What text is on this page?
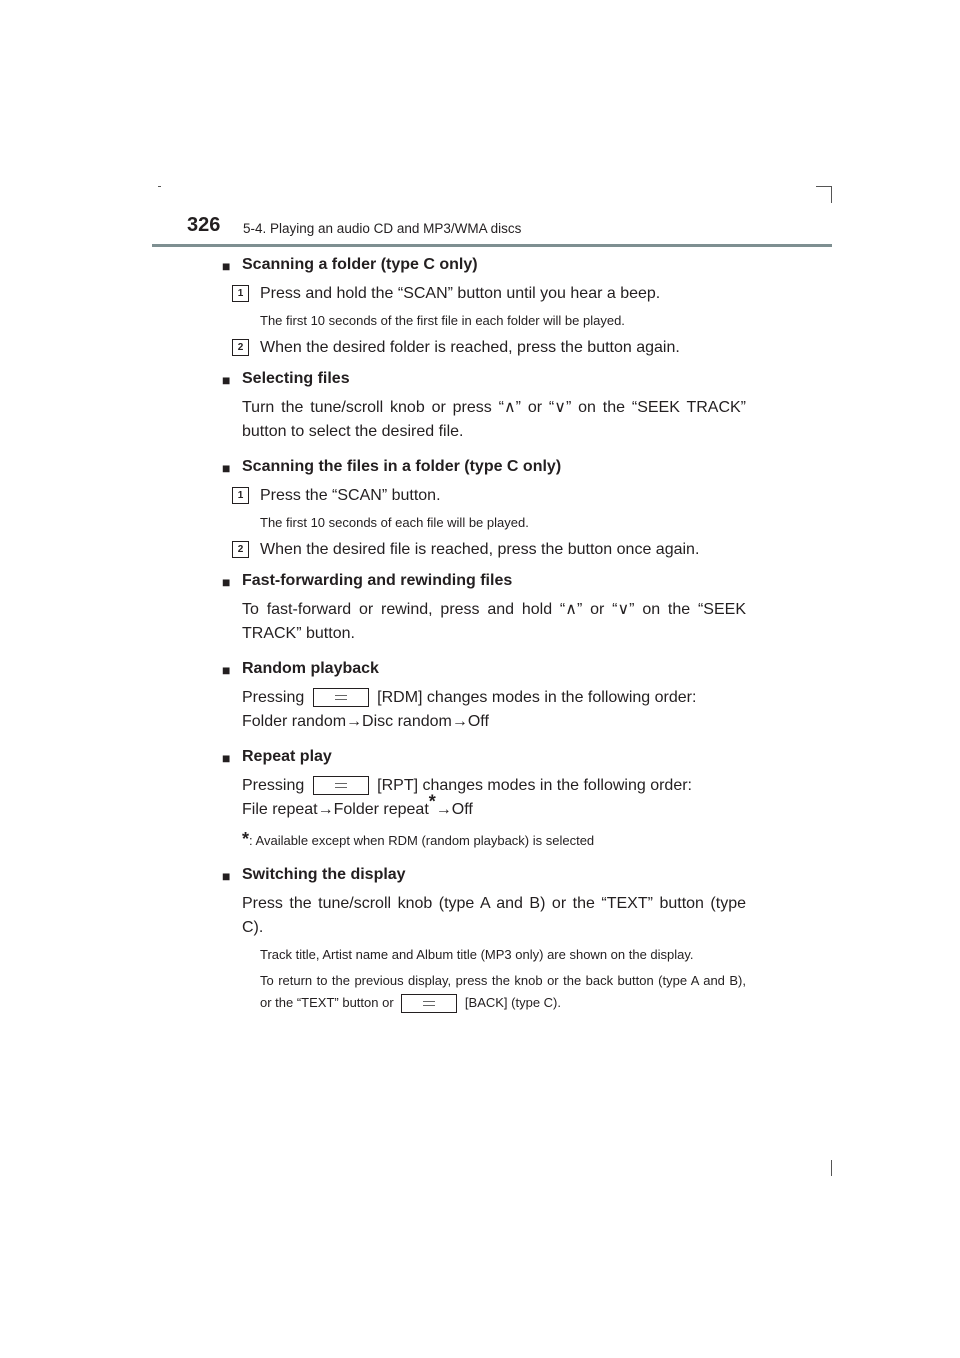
326 5-4. Playing an audio CD and MP3/WMA discs
■ Scanning a folder (type C only)
1	Press and hold the “SCAN” button until you hear a beep.
The first 10 seconds of the first file in each folder will be played.
2	When the desired folder is reached, press the button again.
■ Selecting files

Turn the tune/scroll knob or press “∧” or “∨” on the “SEEK TRACK” button to select the desired file.

■ Scanning the files in a folder (type C only)
1	Press the “SCAN” button.
The first 10 seconds of each file will be played.
2	When the desired file is reached, press the button once again.
■ Fast-forwarding and rewinding files

To fast-forward or rewind, press and hold “∧” or “∨” on the “SEEK TRACK” button.

■ Random playback

Pressing	[RDM] changes modes in the following order:
Folder random→Disc random→Off

■ Repeat play

Pressing	[RPT] changes modes in the following order:
File repeat→Folder repeat*→Off

*: Available except when RDM (random playback) is selected
■ Switching the display

Press the tune/scroll knob (type A and B) or the “TEXT” button (type C).

Track title, Artist name and Album title (MP3 only) are shown on the display.
To return to the previous display, press the knob or the back button (type A and B), or the “TEXT” button or	[BACK] (type C).
